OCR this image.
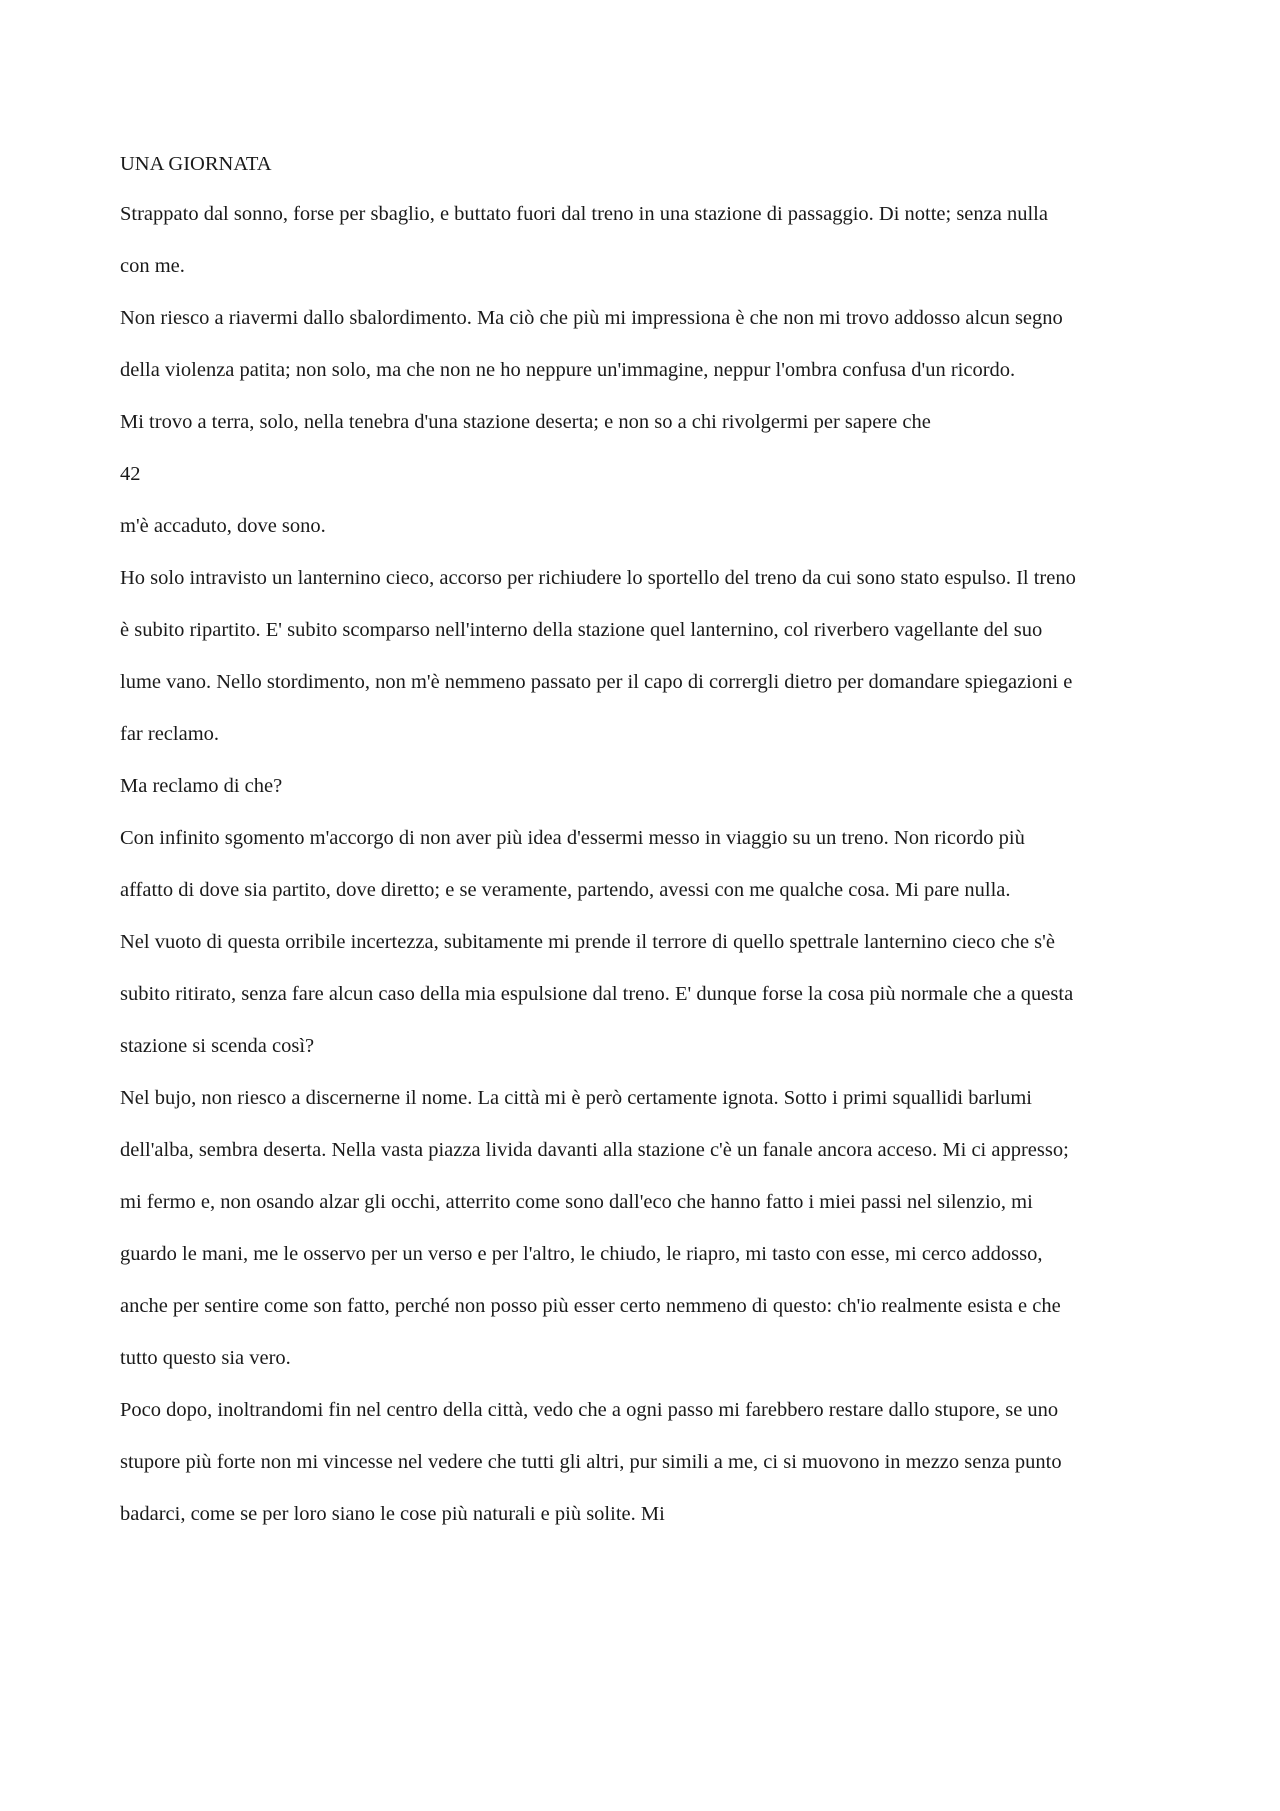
UNA GIORNATA

Strappato dal sonno, forse per sbaglio, e buttato fuori dal treno in una stazione di passaggio. Di notte; senza nulla con me.

Non riesco a riavermi dallo sbalordimento. Ma ciò che più mi impressiona è che non mi trovo addosso alcun segno della violenza patita; non solo, ma che non ne ho neppure un'immagine, neppur l'ombra confusa d'un ricordo.

Mi trovo a terra, solo, nella tenebra d'una stazione deserta; e non so a chi rivolgermi per sapere che

42

m'è accaduto, dove sono.

Ho solo intravisto un lanternino cieco, accorso per richiudere lo sportello del treno da cui sono stato espulso. Il treno è subito ripartito. E' subito scomparso nell'interno della stazione quel lanternino, col riverbero vagellante del suo lume vano. Nello stordimento, non m'è nemmeno passato per il capo di corrergli dietro per domandare spiegazioni e far reclamo.

Ma reclamo di che?

Con infinito sgomento m'accorgo di non aver più idea d'essermi messo in viaggio su un treno. Non ricordo più affatto di dove sia partito, dove diretto; e se veramente, partendo, avessi con me qualche cosa. Mi pare nulla.

Nel vuoto di questa orribile incertezza, subitamente mi prende il terrore di quello spettrale lanternino cieco che s'è subito ritirato, senza fare alcun caso della mia espulsione dal treno. E' dunque forse la cosa più normale che a questa stazione si scenda così?

Nel bujo, non riesco a discernerne il nome. La città mi è però certamente ignota. Sotto i primi squallidi barlumi dell'alba, sembra deserta. Nella vasta piazza livida davanti alla stazione c'è un fanale ancora acceso. Mi ci appresso; mi fermo e, non osando alzar gli occhi, atterrito come sono dall'eco che hanno fatto i miei passi nel silenzio, mi guardo le mani, me le osservo per un verso e per l'altro, le chiudo, le riapro, mi tasto con esse, mi cerco addosso, anche per sentire come son fatto, perché non posso più esser certo nemmeno di questo: ch'io realmente esista e che tutto questo sia vero.

Poco dopo, inoltrandomi fin nel centro della città, vedo che a ogni passo mi farebbero restare dallo stupore, se uno stupore più forte non mi vincesse nel vedere che tutti gli altri, pur simili a me, ci si muovono in mezzo senza punto badarci, come se per loro siano le cose più naturali e più solite. Mi
